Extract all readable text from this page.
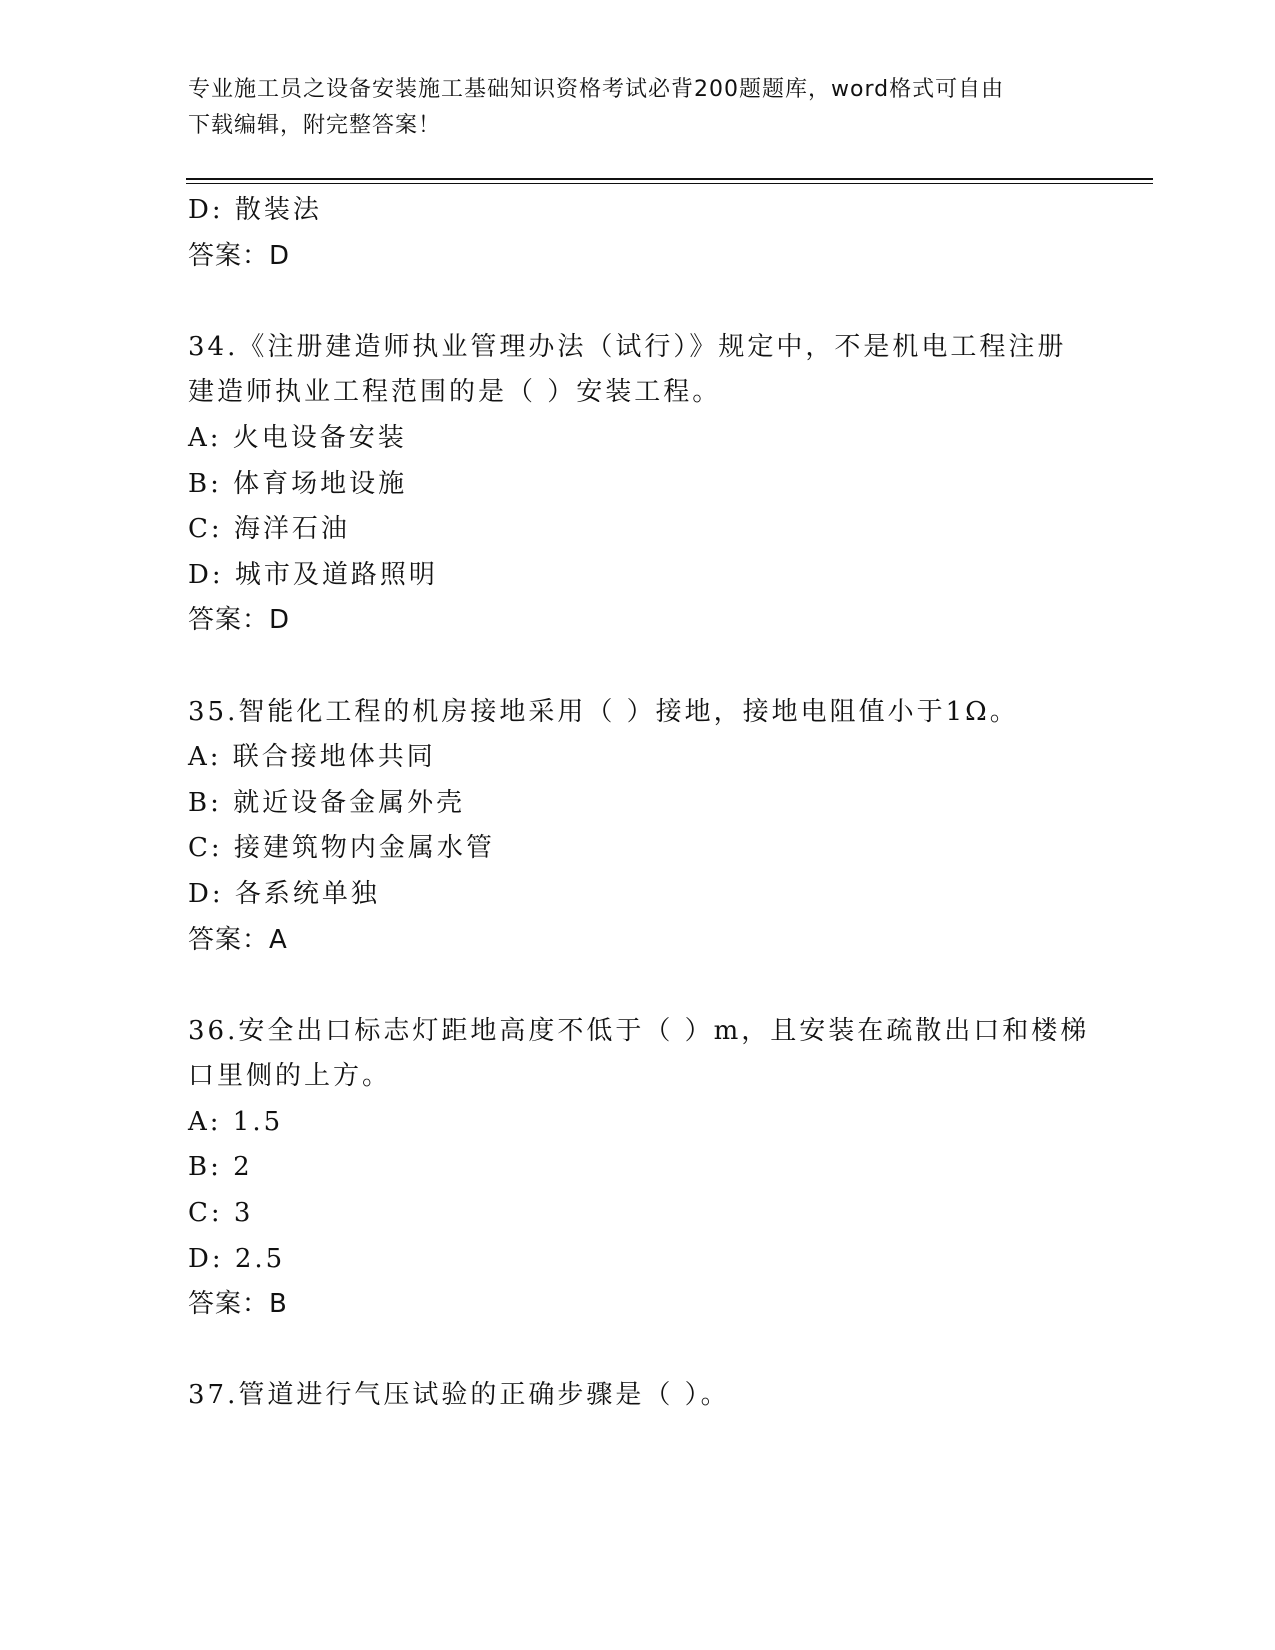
专业施工员之设备安装施工基础知识资格考试必背200题题库，word格式可自由
下载编辑，附完整答案！
D: 散装法
答案：D
34.《注册建造师执业管理办法（试行）》规定中，不是机电工程注册
建造师执业工程范围的是（ ）安装工程。
A: 火电设备安装
B: 体育场地设施
C: 海洋石油
D: 城市及道路照明
答案：D
35.智能化工程的机房接地采用（ ）接地，接地电阻值小于1Ω。
A: 联合接地体共同
B: 就近设备金属外壳
C: 接建筑物内金属水管
D: 各系统单独
答案：A
36.安全出口标志灯距地高度不低于（ ）m，且安装在疏散出口和楼梯
口里侧的上方。
A: 1.5
B: 2
C: 3
D: 2.5
答案：B
37.管道进行气压试验的正确步骤是（ ）。
